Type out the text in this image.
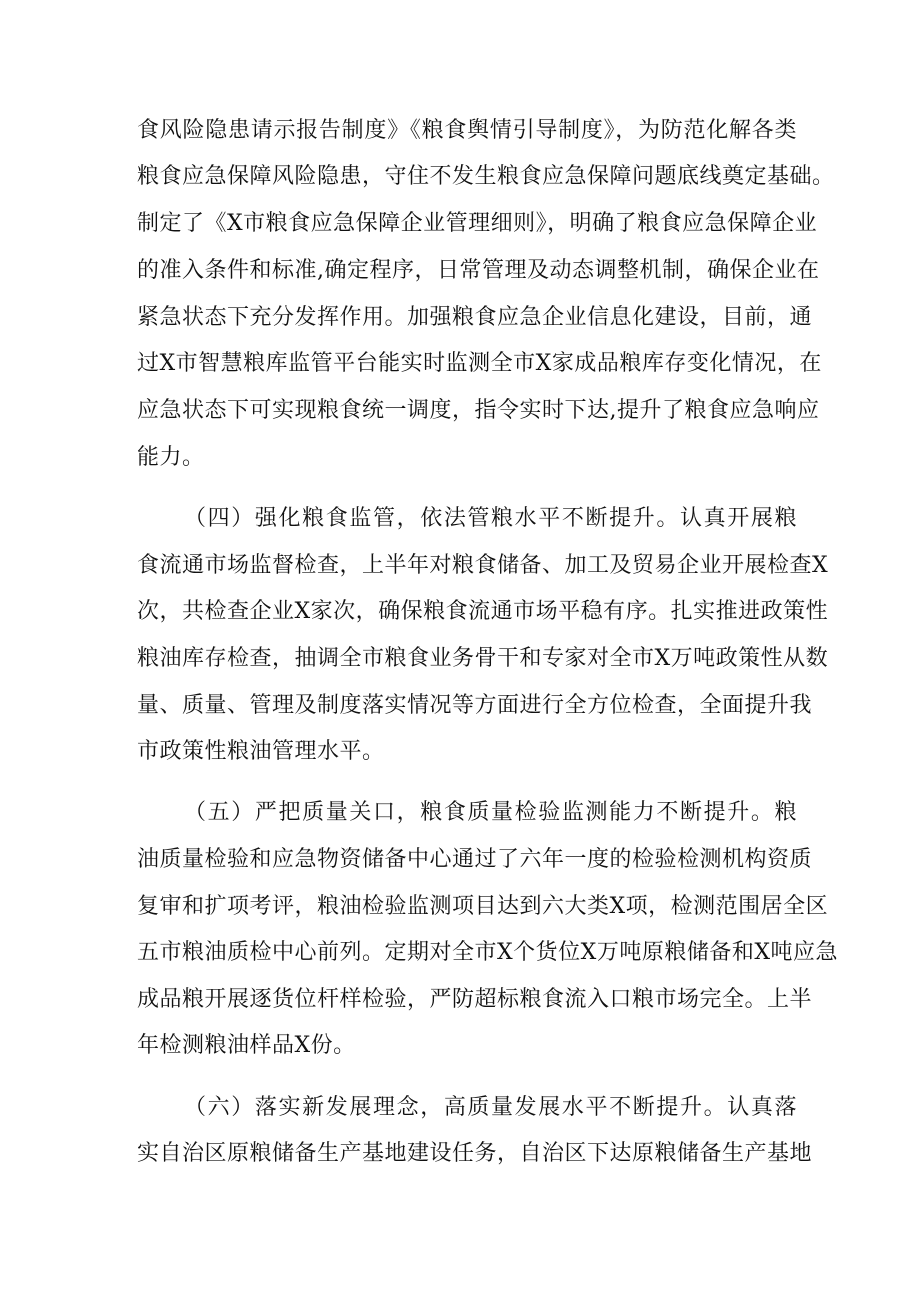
食风险隐患请示报告制度》《粮食舆情引导制度》，为防范化解各类
粮食应急保障风险隐患，守住不发生粮食应急保障问题底线奠定基础。
制定了《X市粮食应急保障企业管理细则》，明确了粮食应急保障企业
的准入条件和标准,确定程序，日常管理及动态调整机制，确保企业在
紧急状态下充分发挥作用。加强粮食应急企业信息化建设，目前，通
过X市智慧粮库监管平台能实时监测全市X家成品粮库存变化情况，在
应急状态下可实现粮食统一调度，指令实时下达,提升了粮食应急响应
能力。
（四）强化粮食监管，依法管粮水平不断提升。认真开展粮
食流通市场监督检查，上半年对粮食储备、加工及贸易企业开展检查X
次，共检查企业X家次，确保粮食流通市场平稳有序。扎实推进政策性
粮油库存检查，抽调全市粮食业务骨干和专家对全市X万吨政策性从数
量、质量、管理及制度落实情况等方面进行全方位检查，全面提升我
市政策性粮油管理水平。
（五）严把质量关口，粮食质量检验监测能力不断提升。粮
油质量检验和应急物资储备中心通过了六年一度的检验检测机构资质
复审和扩项考评，粮油检验监测项目达到六大类X项，检测范围居全区
五市粮油质检中心前列。定期对全市X个货位X万吨原粮储备和X吨应急
成品粮开展逐货位杆样检验，严防超标粮食流入口粮市场完全。上半
年检测粮油样品X份。
（六）落实新发展理念，高质量发展水平不断提升。认真落
实自治区原粮储备生产基地建设任务，自治区下达原粮储备生产基地
